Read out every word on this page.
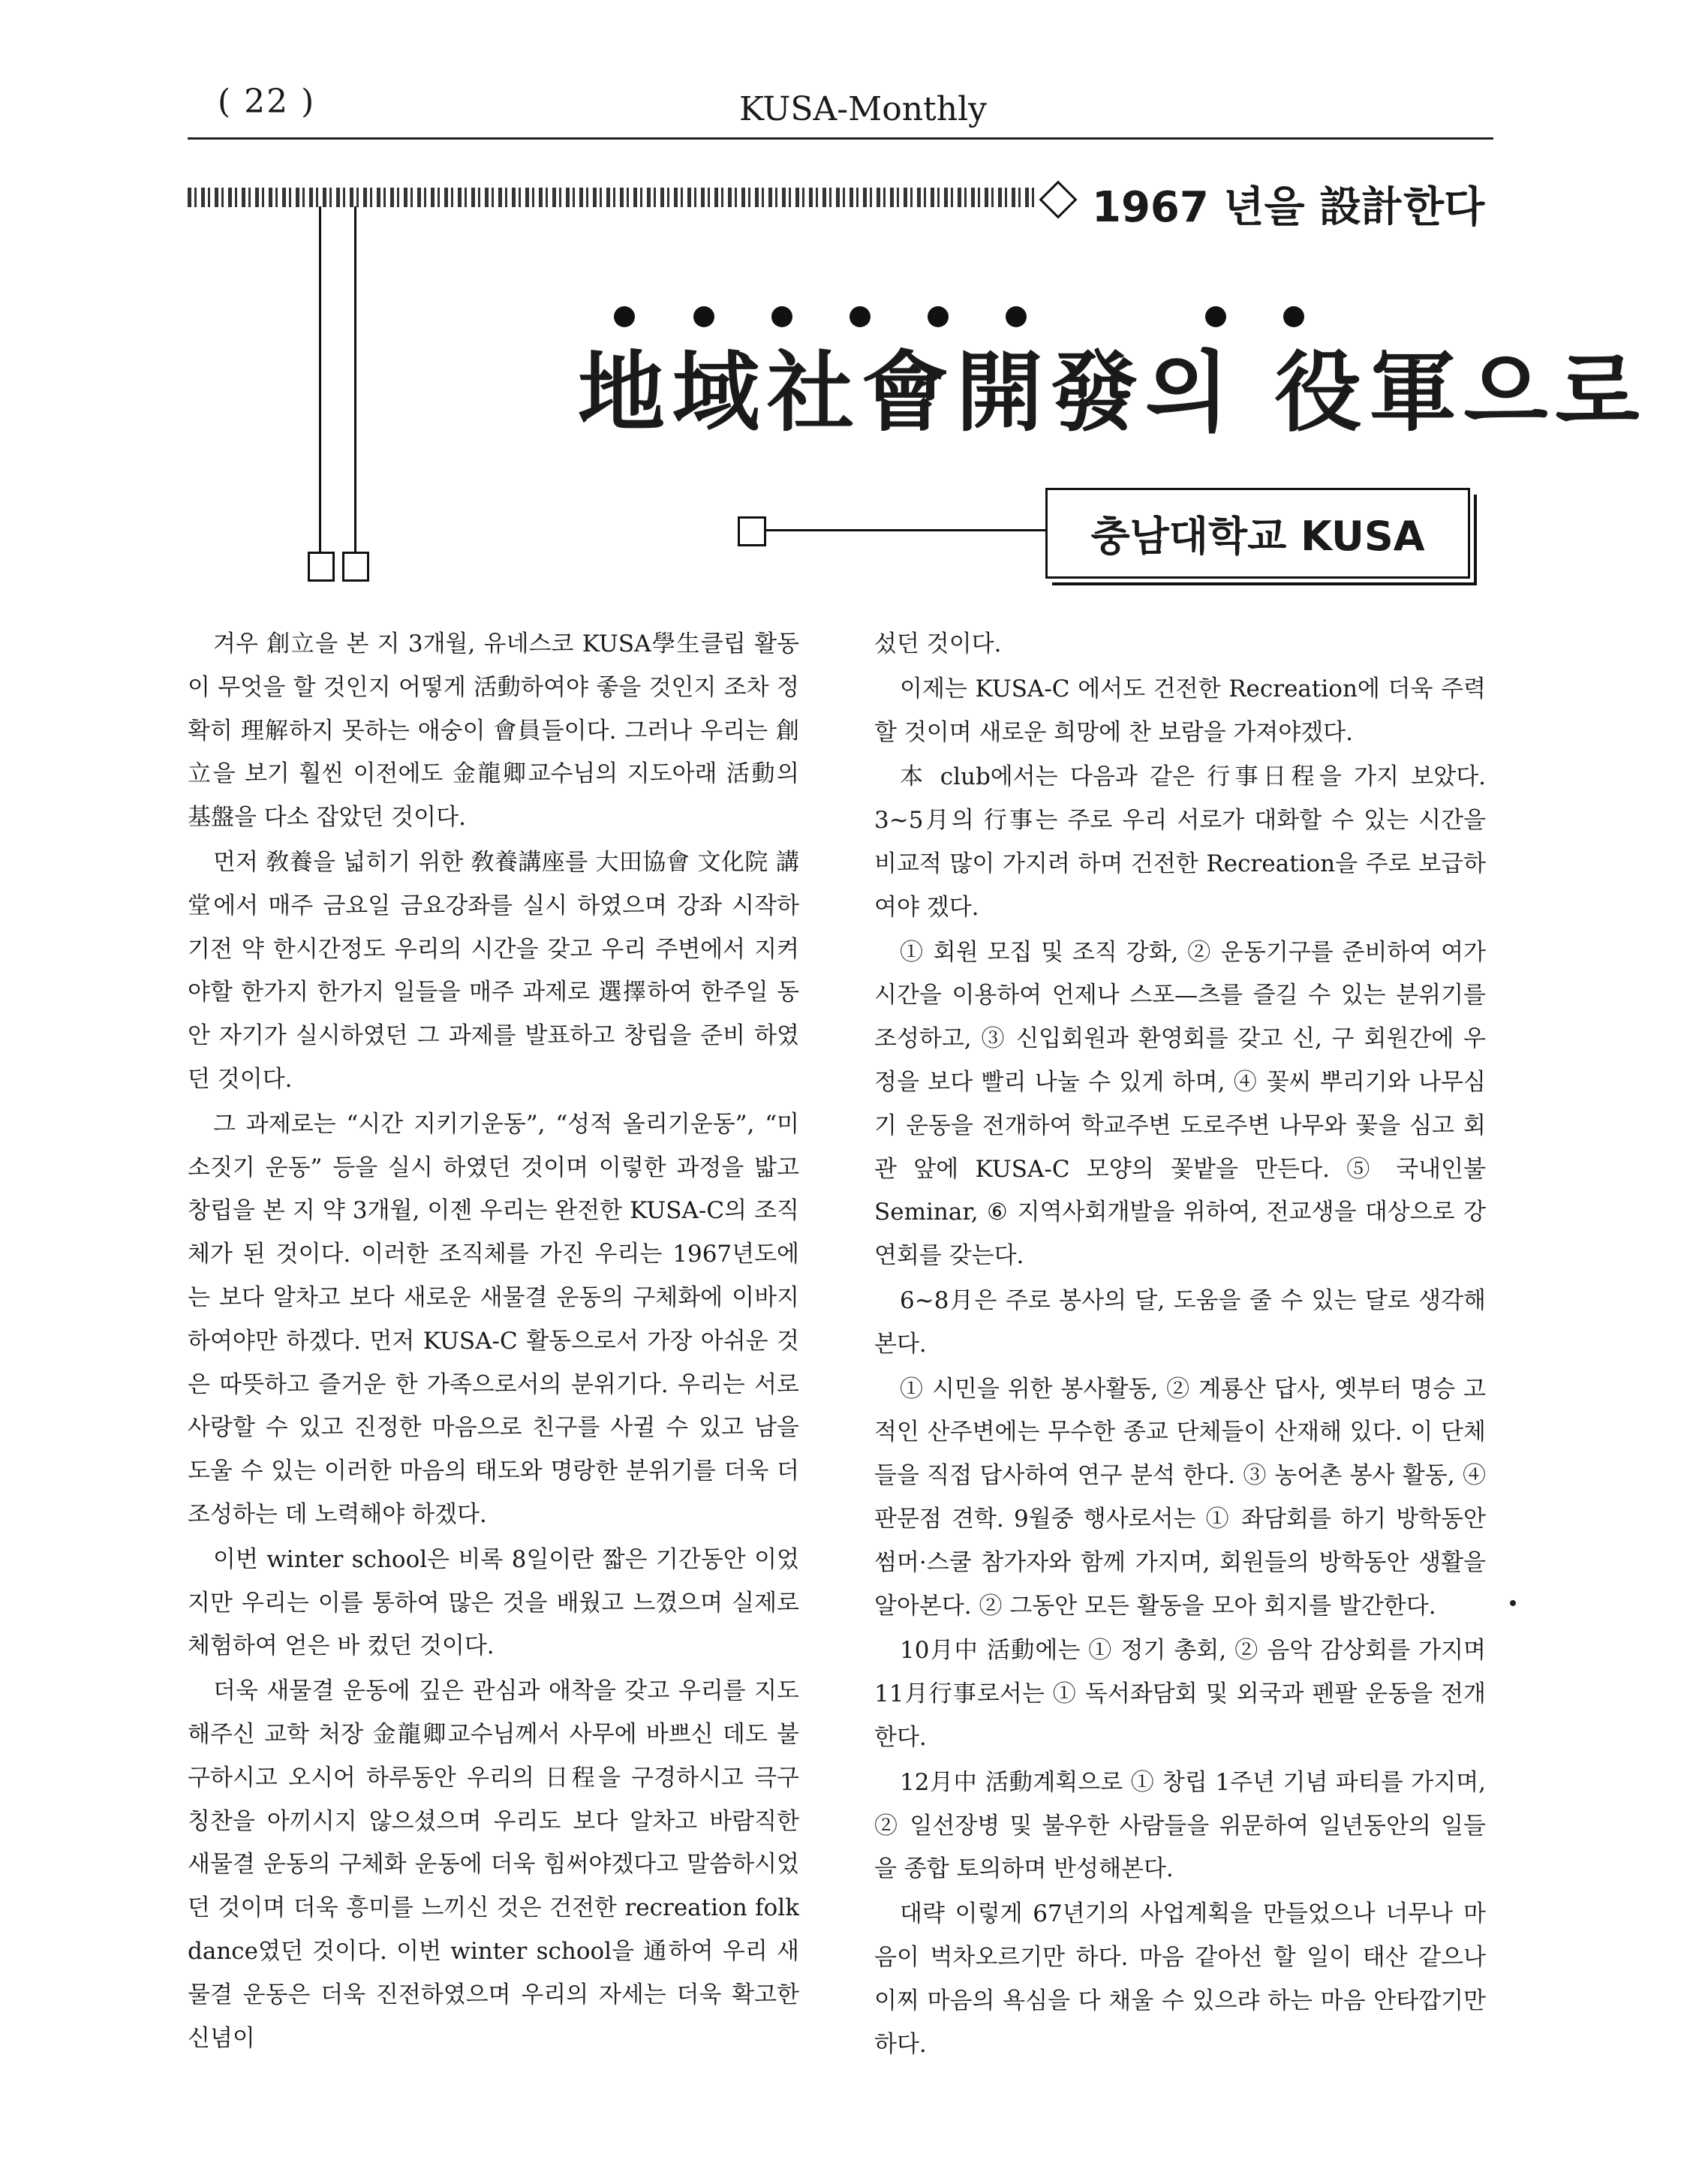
( 22 )	KUSA-Monthly
1967 년을 設計한다
地域社會開發의 役軍으로
충남대학교 KUSA

겨우 創立을 본 지 3개월, 유네스코 KUSA學生클립 활동이 무엇을 할 것인지 어떻게 活動하여야 좋을 것인지 조차 정확히 理解하지 못하는 애숭이 會員들이다. 그러나 우리는 創立을 보기 훨씬 이전에도 金龍卿교수님의 지도아래 活動의 基盤을 다소 잡았던 것이다.

먼저 敎養을 넓히기 위한 敎養講座를 大田協會 文化院 講堂에서 매주 금요일 금요강좌를 실시 하였으며 강좌 시작하기전 약 한시간정도 우리의 시간을 갖고 우리 주변에서 지켜야할 한가지 한가지 일들을 매주 과제로 選擇하여 한주일 동안 자기가 실시하였던 그 과제를 발표하고 창립을 준비 하였던 것이다.

그 과제로는 “시간 지키기운동”, “성적 올리기운동”, “미소짓기 운동” 등을 실시 하였던 것이며 이렇한 과정을 밟고 창립을 본 지 약 3개월, 이젠 우리는 완전한 KUSA-C의 조직체가 된 것이다. 이러한 조직체를 가진 우리는 1967년도에는 보다 알차고 보다 새로운 새물결 운동의 구체화에 이바지하여야만 하겠다. 먼저 KUSA-C 활동으로서 가장 아쉬운 것은 따뜻하고 즐거운 한 가족으로서의 분위기다. 우리는 서로 사랑할 수 있고 진정한 마음으로 친구를 사귈 수 있고 남을 도울 수 있는 이러한 마음의 태도와 명랑한 분위기를 더욱 더 조성하는 데 노력해야 하겠다.

이번 winter school은 비록 8일이란 짧은 기간동안 이었지만 우리는 이를 통하여 많은 것을 배웠고 느꼈으며 실제로 체험하여 얻은 바 컸던 것이다.

더욱 새물결 운동에 깊은 관심과 애착을 갖고 우리를 지도해주신 교학 처장 金龍卿교수님께서 사무에 바쁘신 데도 불구하시고 오시어 하루동안 우리의 日程을 구경하시고 극구 칭찬을 아끼시지 않으셨으며 우리도 보다 알차고 바람직한 새물결 운동의 구체화 운동에 더욱 힘써야겠다고 말씀하시었던 것이며 더욱 흥미를 느끼신 것은 건전한 recreation folk dance였던 것이다. 이번 winter school을 通하여 우리 새물결 운동은 더욱 진전하였으며 우리의 자세는 더욱 확고한 신념이

섰던 것이다.

이제는 KUSA-C 에서도 건전한 Recreation에 더욱 주력할 것이며 새로운 희망에 찬 보람을 가져야겠다.

本 club에서는 다음과 같은 行事日程을 가지 보았다. 3~5月의 行事는 주로 우리 서로가 대화할 수 있는 시간을 비교적 많이 가지려 하며 건전한 Recreation을 주로 보급하여야 겠다.

① 회원 모집 및 조직 강화, ② 운동기구를 준비하여 여가시간을 이용하여 언제나 스포—츠를 즐길 수 있는 분위기를 조성하고, ③ 신입회원과 환영회를 갖고 신, 구 회원간에 우정을 보다 빨리 나눌 수 있게 하며, ④ 꽃씨 뿌리기와 나무심기 운동을 전개하여 학교주변 도로주변 나무와 꽃을 심고 회관 앞에 KUSA-C 모양의 꽃밭을 만든다. ⑤ 국내인불 Seminar, ⑥ 지역사회개발을 위하여, 전교생을 대상으로 강연회를 갖는다.

6~8月은 주로 봉사의 달, 도움을 줄 수 있는 달로 생각해본다.

① 시민을 위한 봉사활동, ② 계룡산 답사, 옛부터 명승 고적인 산주변에는 무수한 종교 단체들이 산재해 있다. 이 단체들을 직접 답사하여 연구 분석 한다. ③ 농어촌 봉사 활동, ④ 판문점 견학. 9월중 행사로서는 ① 좌담회를 하기 방학동안 썸머·스쿨 참가자와 함께 가지며, 회원들의 방학동안 생활을 알아본다. ② 그동안 모든 활동을 모아 회지를 발간한다.

10月中 活動에는 ① 정기 총회, ② 음악 감상회를 가지며 11月行事로서는 ① 독서좌담회 및 외국과 펜팔 운동을 전개한다.

12月中 活動계획으로 ① 창립 1주년 기념 파티를 가지며, ② 일선장병 및 불우한 사람들을 위문하여 일년동안의 일들을 종합 토의하며 반성해본다.

대략 이렇게 67년기의 사업계획을 만들었으나 너무나 마음이 벅차오르기만 하다. 마음 같아선 할 일이 태산 같으나 이찌 마음의 욕심을 다 채울 수 있으랴 하는 마음 안타깝기만 하다.
